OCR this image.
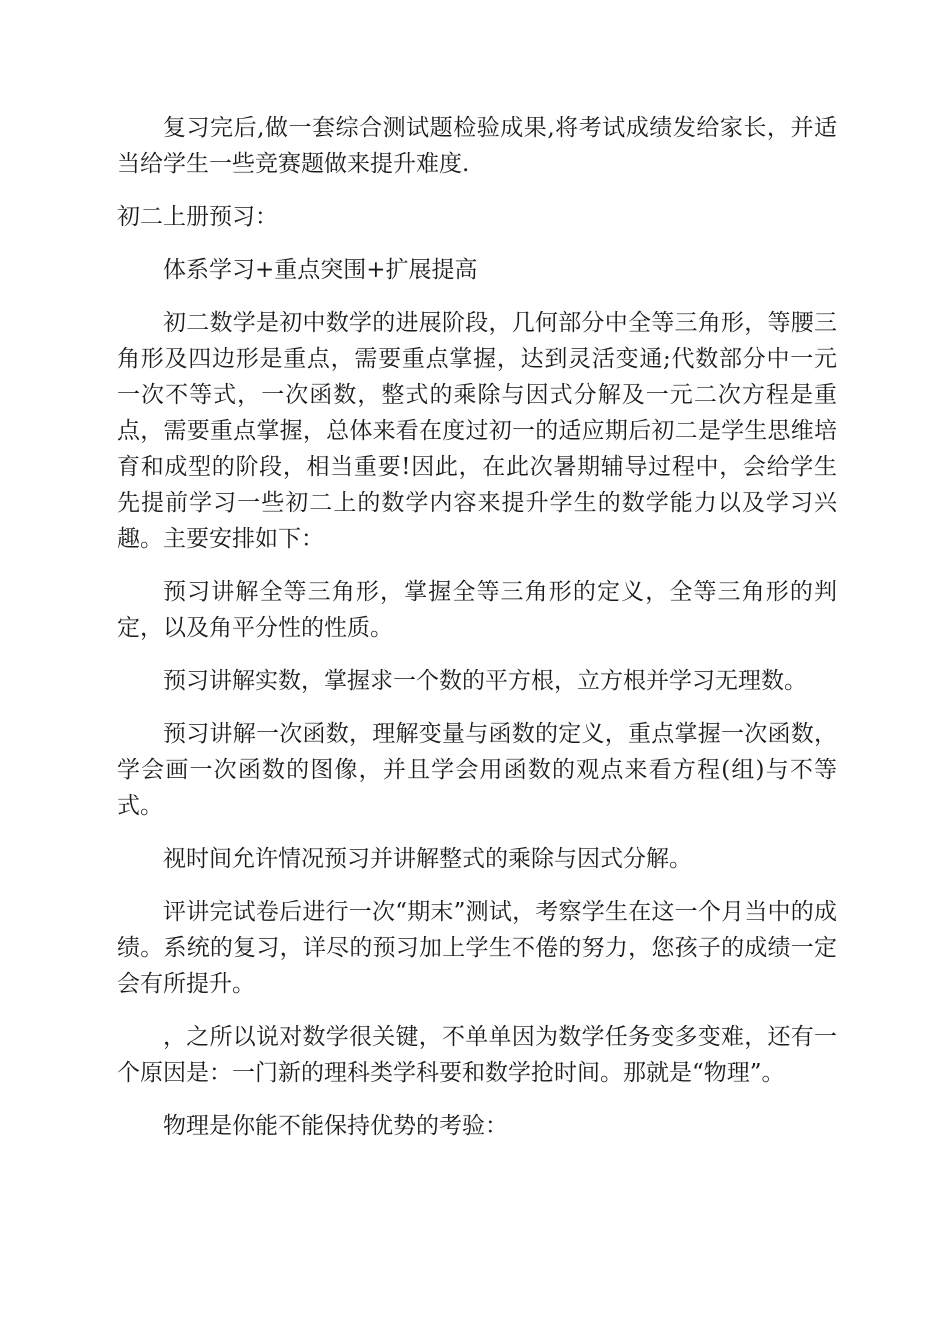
复习完后,做一套综合测试题检验成果,将考试成绩发给家长，并适当给学生一些竞赛题做来提升难度.

初二上册预习：

体系学习+重点突围+扩展提高

初二数学是初中数学的进展阶段，几何部分中全等三角形，等腰三角形及四边形是重点，需要重点掌握，达到灵活变通;代数部分中一元一次不等式，一次函数，整式的乘除与因式分解及一元二次方程是重点，需要重点掌握，总体来看在度过初一的适应期后初二是学生思维培育和成型的阶段，相当重要!因此，在此次暑期辅导过程中，会给学生先提前学习一些初二上的数学内容来提升学生的数学能力以及学习兴趣。主要安排如下：

预习讲解全等三角形，掌握全等三角形的定义，全等三角形的判定，以及角平分性的性质。

预习讲解实数，掌握求一个数的平方根，立方根并学习无理数。

预习讲解一次函数，理解变量与函数的定义，重点掌握一次函数，学会画一次函数的图像，并且学会用函数的观点来看方程(组)与不等式。

视时间允许情况预习并讲解整式的乘除与因式分解。

评讲完试卷后进行一次“期末”测试，考察学生在这一个月当中的成绩。系统的复习，详尽的预习加上学生不倦的努力，您孩子的成绩一定会有所提升。

，之所以说对数学很关键，不单单因为数学任务变多变难，还有一个原因是：一门新的理科类学科要和数学抢时间。那就是“物理”。

物理是你能不能保持优势的考验：
